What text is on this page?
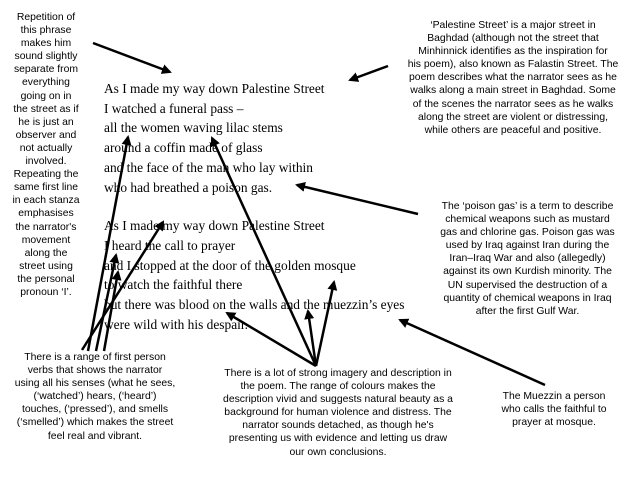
As I made my way down Palestine Street
I watched a funeral pass –
all the women waving lilac stems
around a coffin made of glass
and the face of the man who lay within
who had breathed a poison gas.
As I made my way down Palestine Street
I heard the call to prayer
and I stopped at the door of the golden mosque
to watch the faithful there
but there was blood on the walls and the muezzin’s eyes
were wild with his despair.
Repetition of
this phrase
makes him
sound slightly
separate from
everything
going on in
the street as if
he is just an
observer and
not actually
involved.
Repeating the
same first line
in each stanza
emphasises
the narrator's
movement
along the
street using
the personal
pronoun ‘I’.
‘Palestine Street’ is a major street in
Baghdad (although not the street that
Minhinnick identifies as the inspiration for
his poem), also known as Falastin Street. The
poem describes what the narrator sees as he
walks along a main street in Baghdad. Some
of the scenes the narrator sees as he walks
along the street are violent or distressing,
while others are peaceful and positive.
The ‘poison gas’ is a term to describe
chemical weapons such as mustard
gas and chlorine gas. Poison gas was
used by Iraq against Iran during the
Iran–Iraq War and also (allegedly)
against its own Kurdish minority. The
UN supervised the destruction of a
quantity of chemical weapons in Iraq
after the first Gulf War.
There is a range of first person
verbs that shows the narrator
using all his senses (what he sees,
(‘watched’) hears, (‘heard’)
touches, (‘pressed’), and smells
(‘smelled’) which makes the street
feel real and vibrant.
There is a lot of strong imagery and description in
the poem. The range of colours makes the
description vivid and suggests natural beauty as a
background for human violence and distress. The
narrator sounds detached, as though he's
presenting us with evidence and letting us draw
our own conclusions.
The Muezzin a person
who calls the faithful to
prayer at mosque.
